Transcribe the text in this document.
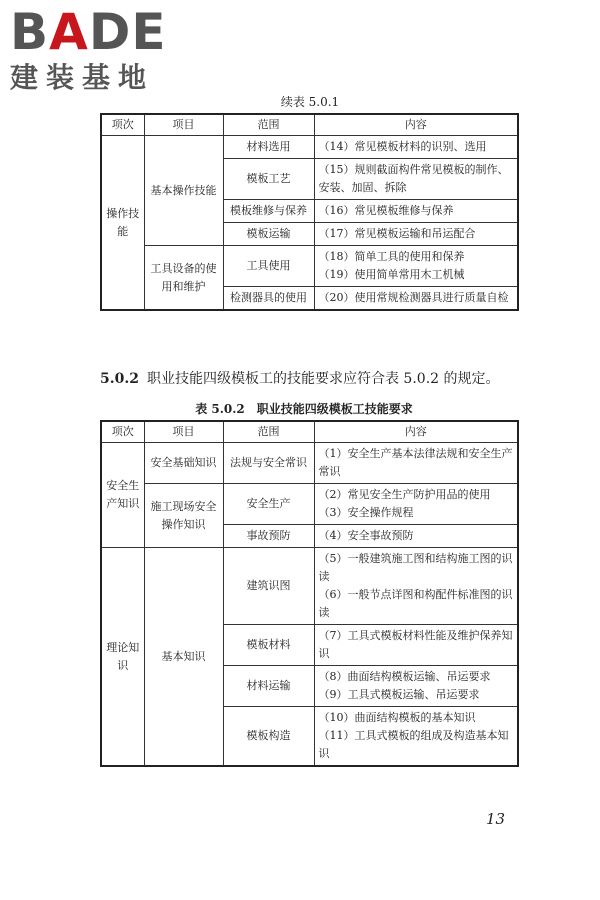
BADE
建装基地
续表 5.0.1
项次	项目	范围	内容
操作技能	基本操作技能	材料选用	（14）常见模板材料的识别、选用

		模板工艺	（15）规则截面构件常见模板的制作、安装、加固、拆除

		模板维修与保养	（16）常见模板维修与保养

		模板运输	（17）常见模板运输和吊运配合

	工具设备的使用和维护	工具使用	（18）简单工具的使用和保养
（19）使用简单常用木工机械

		检测器具的使用	（20）使用常规检测器具进行质量自检
5.0.2 职业技能四级模板工的技能要求应符合表 5.0.2 的规定。
表 5.0.2　职业技能四级模板工技能要求
项次	项目	范围	内容
安全生产知识	安全基础知识	法规与安全常识	（1）安全生产基本法律法规和安全生产常识

	施工现场安全操作知识	安全生产	（2）常见安全生产防护用品的使用
（3）安全操作规程

		事故预防	（4）安全事故预防

理论知识	基本知识	建筑识图	（5）一般建筑施工图和结构施工图的识读
（6）一般节点详图和构配件标准图的识读

		模板材料	（7）工具式模板材料性能及维护保养知识

		材料运输	（8）曲面结构模板运输、吊运要求
（9）工具式模板运输、吊运要求

		模板构造	（10）曲面结构模板的基本知识
（11）工具式模板的组成及构造基本知识
13
